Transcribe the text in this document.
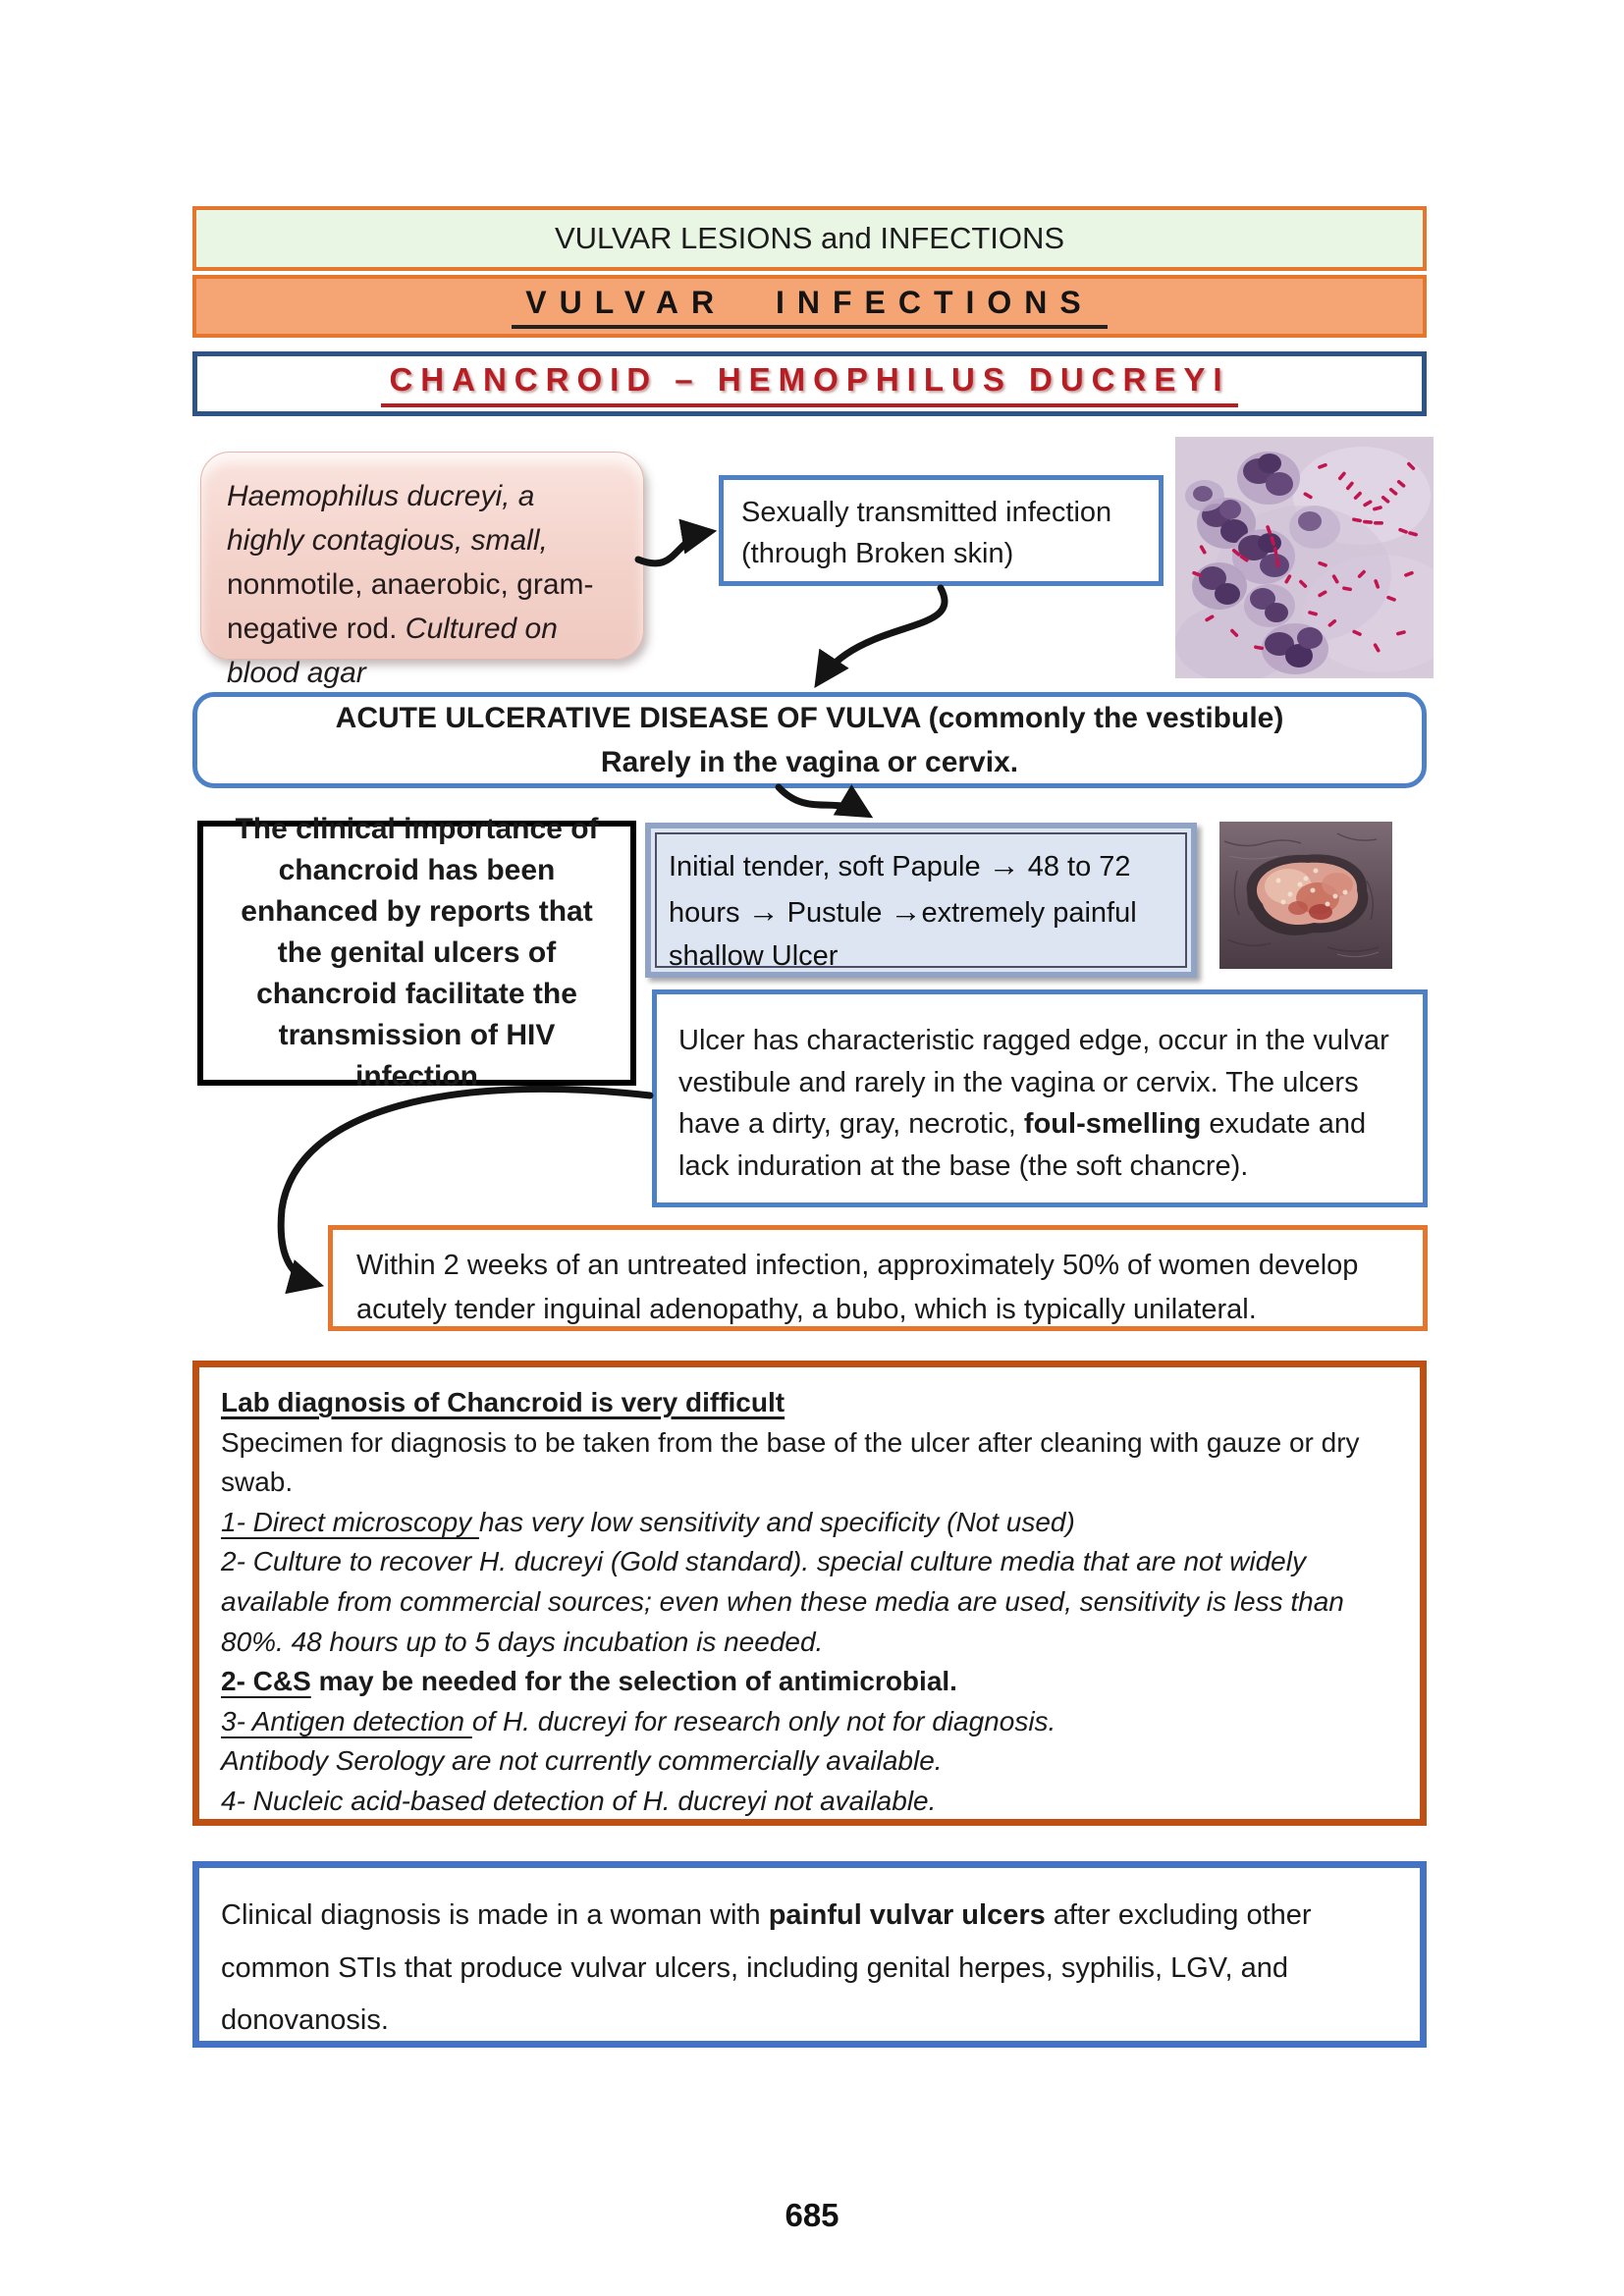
VULVAR LESIONS and INFECTIONS
VULVAR INFECTIONS
CHANCROID – HEMOPHILUS DUCREYI
Haemophilus ducreyi, a highly contagious, small, nonmotile, anaerobic, gram-negative rod. Cultured on blood agar
Sexually transmitted infection
(through Broken skin)
ACUTE ULCERATIVE DISEASE OF VULVA (commonly the vestibule)
Rarely in the vagina or cervix.
The clinical importance of chancroid has been enhanced by reports that the genital ulcers of chancroid facilitate the transmission of HIV infection
Initial tender, soft Papule → 48 to 72 hours → Pustule →extremely painful shallow Ulcer
Ulcer has characteristic ragged edge, occur in the vulvar vestibule and rarely in the vagina or cervix. The ulcers have a dirty, gray, necrotic, foul-smelling exudate and lack induration at the base (the soft chancre).
Within 2 weeks of an untreated infection, approximately 50% of women develop acutely tender inguinal adenopathy, a bubo, which is typically unilateral.
Lab diagnosis of Chancroid is very difficult
Specimen for diagnosis to be taken from the base of the ulcer after cleaning with gauze or dry swab.
1- Direct microscopy has very low sensitivity and specificity (Not used)
2- Culture to recover H. ducreyi (Gold standard). special culture media that are not widely available from commercial sources; even when these media are used, sensitivity is less than 80%. 48 hours up to 5 days incubation is needed.
2- C&S may be needed for the selection of antimicrobial.
3- Antigen detection of H. ducreyi for research only not for diagnosis.
Antibody Serology are not currently commercially available.
4- Nucleic acid-based detection of H. ducreyi not available.
Clinical diagnosis is made in a woman with painful vulvar ulcers after excluding other common STIs that produce vulvar ulcers, including genital herpes, syphilis, LGV, and donovanosis.
685
